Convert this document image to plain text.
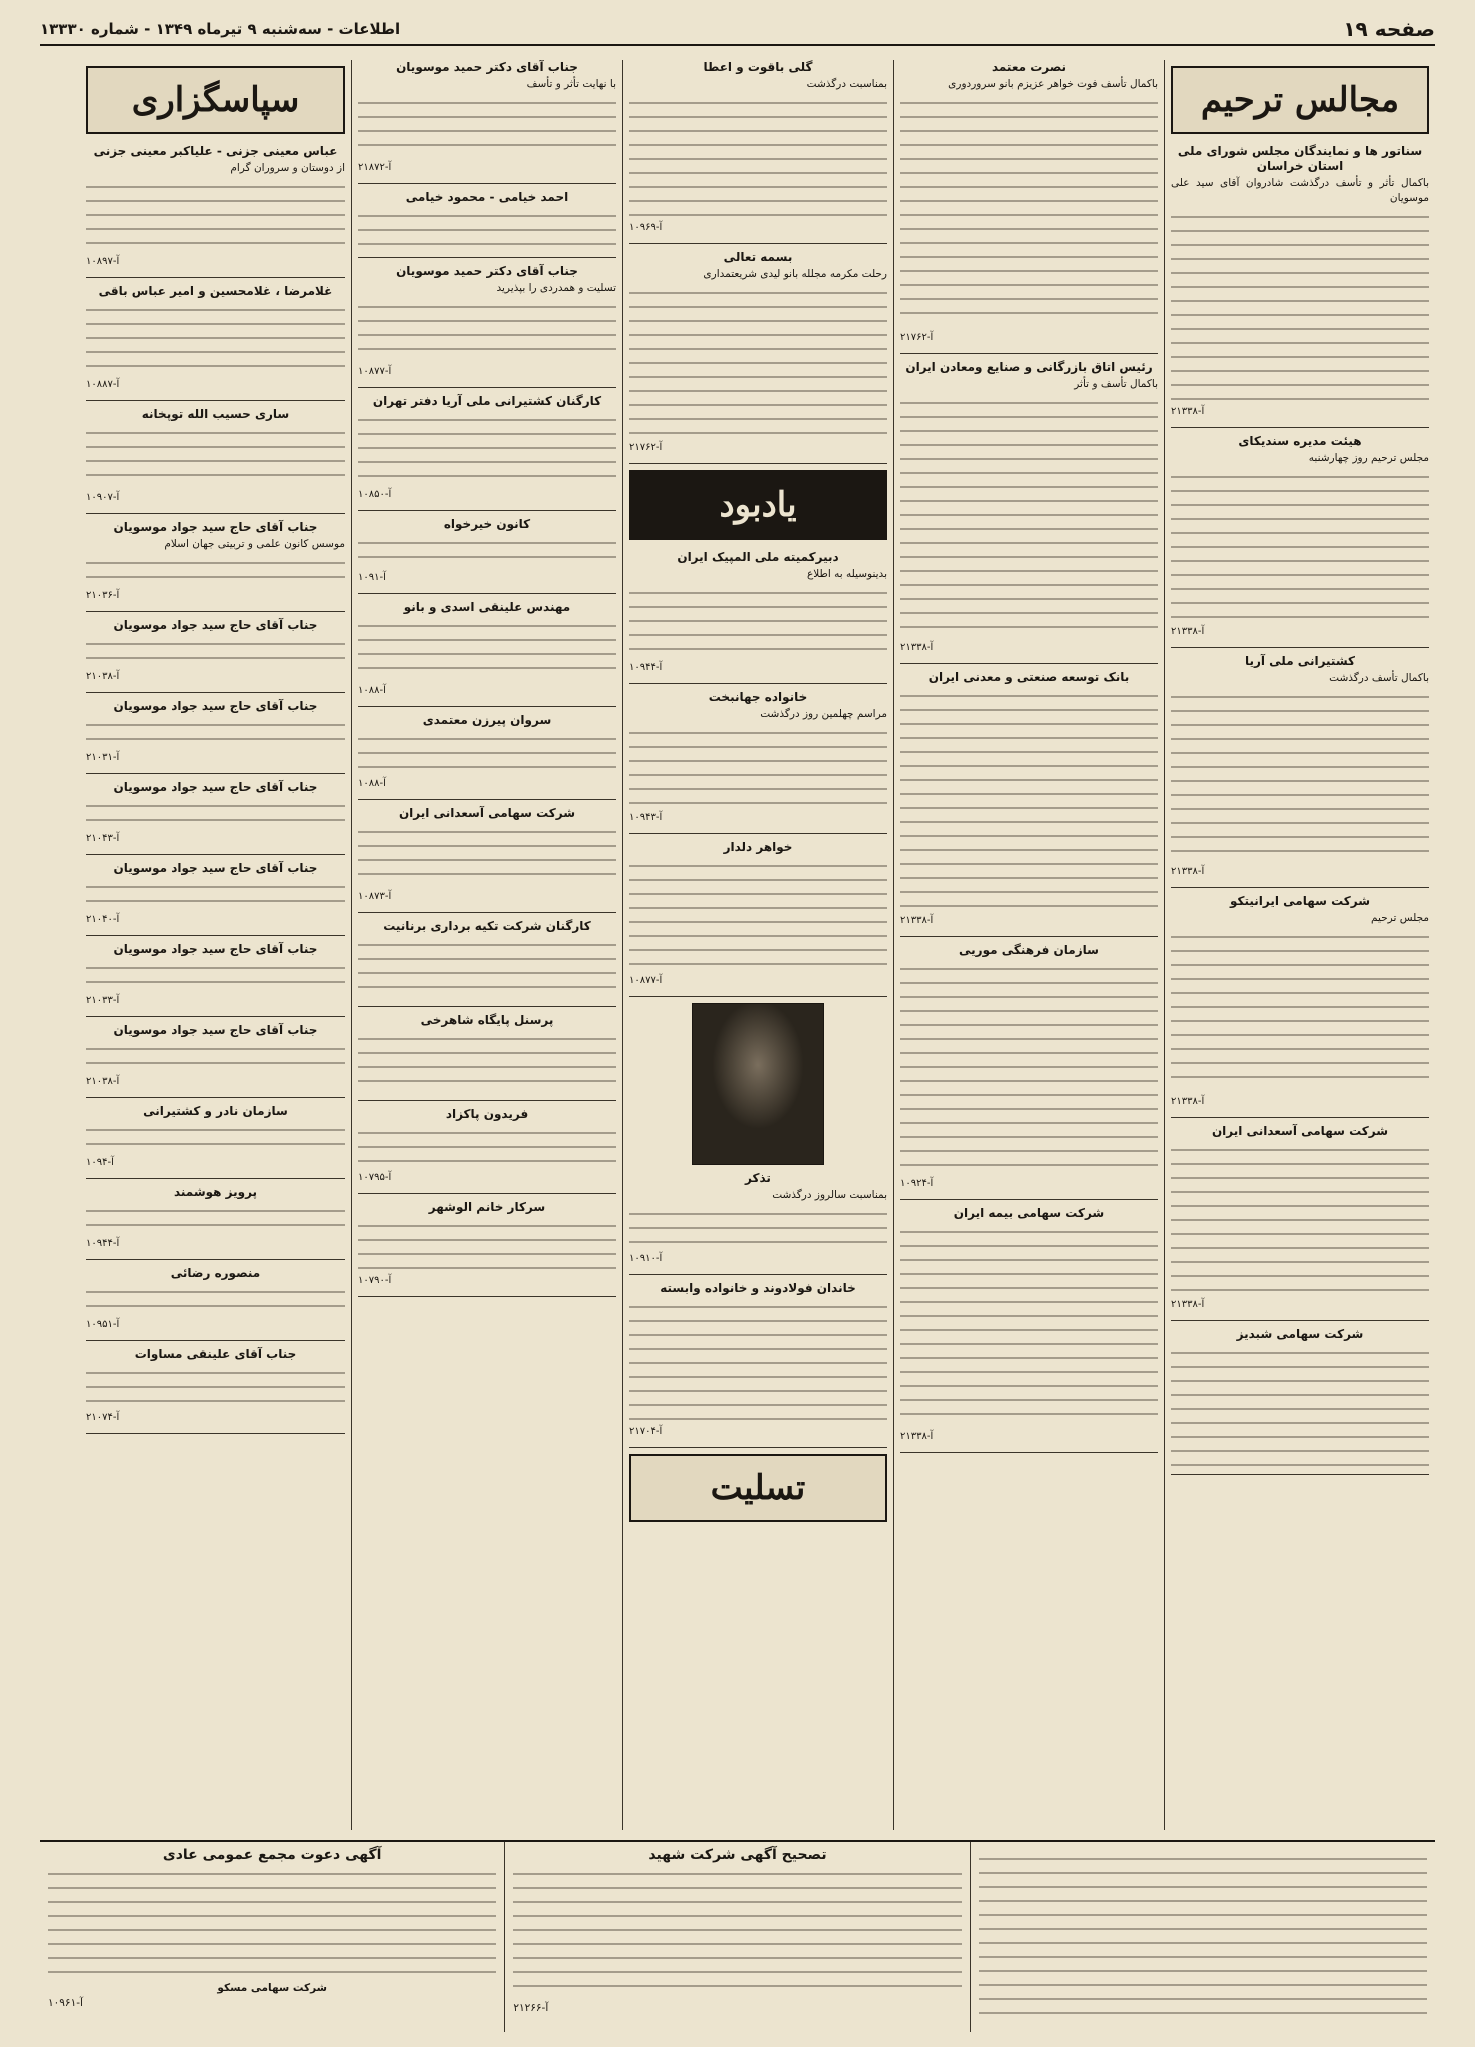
صفحه ۱۹
اطلاعات - سه‌شنبه ۹ تیرماه ۱۳۴۹ - شماره ۱۳۳۳۰
مجالس ترحیم
سناتور ها و نمایندگان مجلس شورای ملی استان خراسان
باکمال تأثر و تأسف درگذشت شادروان آقای سید علی موسویان
آ-۲۱۳۳۸
هیئت مدیره سندیکای
مجلس ترحیم روز چهارشنبه
آ-۲۱۳۳۸
کشتیرانی ملی آریا
باکمال تأسف درگذشت
آ-۲۱۳۳۸
شرکت سهامی ایرانیتکو
مجلس ترحیم
آ-۲۱۳۳۸
شرکت سهامی آسعدانی ایران
آ-۲۱۳۳۸
شرکت سهامی شبدیز
نصرت معتمد
باکمال تأسف فوت خواهر عزیزم بانو سروردوری
آ-۲۱۷۶۲
رئیس اتاق بازرگانی و صنایع ومعادن ایران
باکمال تأسف و تأثر
آ-۲۱۳۳۸
بانک توسعه صنعتی و معدنی ایران
آ-۲۱۳۳۸
سازمان فرهنگی موریی
آ-۱۰۹۲۴
شرکت سهامی بیمه ایران
آ-۲۱۳۳۸
گلی باقوت و اعطا
بمناسبت درگذشت
آ-۱۰۹۶۹
بسمه تعالی
رحلت مکرمه مجلله بانو لیدی شریعتمداری
آ-۲۱۷۶۲
یادبود
دبیرکمیته ملی المپیک ایران
بدینوسیله به اطلاع
آ-۱۰۹۴۴
خانواده جهانبخت
مراسم چهلمین روز درگذشت
آ-۱۰۹۴۳
خواهر دلدار
آ-۱۰۸۷۷
تذکر
بمناسبت سالروز درگذشت
آ-۱۰۹۱۰
خاندان فولادوند و خانواده وابسته
آ-۲۱۷۰۴
تسلیت
جناب آقای دکتر حمید موسویان
با نهایت تأثر و تأسف
آ-۲۱۸۷۲
احمد خیامی - محمود خیامی
جناب آقای دکتر حمید موسویان
تسلیت و همدردی را بپذیرید
آ-۱۰۸۷۷
کارگنان کشتیرانی ملی آریا دفتر تهران
آ-۱۰۸۵۰
کانون خیرخواه
آ-۱۰۹۱
مهندس علینقی اسدی و بانو
آ-۱۰۸۸
سروان پیرزن معتمدی
آ-۱۰۸۸
شرکت سهامی آسعدانی ایران
آ-۱۰۸۷۳
کارگنان شرکت تکیه برداری برنانیت
پرسنل پایگاه شاهرخی
فریدون پاکزاد
آ-۱۰۷۹۵
سرکار خانم الوشهر
آ-۱۰۷۹۰
سپاسگزاری
عباس معینی جزنی - علیاکبر معینی جزنی
از دوستان و سروران گرام
آ-۱۰۸۹۷
غلامرضا ، غلامحسین و امیر عباس باقی
آ-۱۰۸۸۷
ساری حسیب الله توپخانه
آ-۱۰۹۰۷
جناب آقای حاج سید جواد موسویان
موسس کانون علمی و تربیتی جهان اسلام
آ-۲۱۰۳۶
جناب آقای حاج سید جواد موسویان
آ-۲۱۰۳۸
جناب آقای حاج سید جواد موسویان
آ-۲۱۰۳۱
جناب آقای حاج سید جواد موسویان
آ-۲۱۰۴۳
جناب آقای حاج سید جواد موسویان
آ-۲۱۰۴۰
جناب آقای حاج سید جواد موسویان
آ-۲۱۰۳۳
جناب آقای حاج سید جواد موسویان
آ-۲۱۰۳۸
سازمان نادر و کشتیرانی
آ-۱۰۹۴
پرویز هوشمند
آ-۱۰۹۴۴
منصوره رضائی
آ-۱۰۹۵۱
جناب آقای علینقی مساوات
آ-۲۱۰۷۴
تصحیح آگهی شرکت شهید
آ-۲۱۲۶۶
آگهی دعوت مجمع عمومی عادی
شرکت سهامی مسکو
آ-۱۰۹۶۱
